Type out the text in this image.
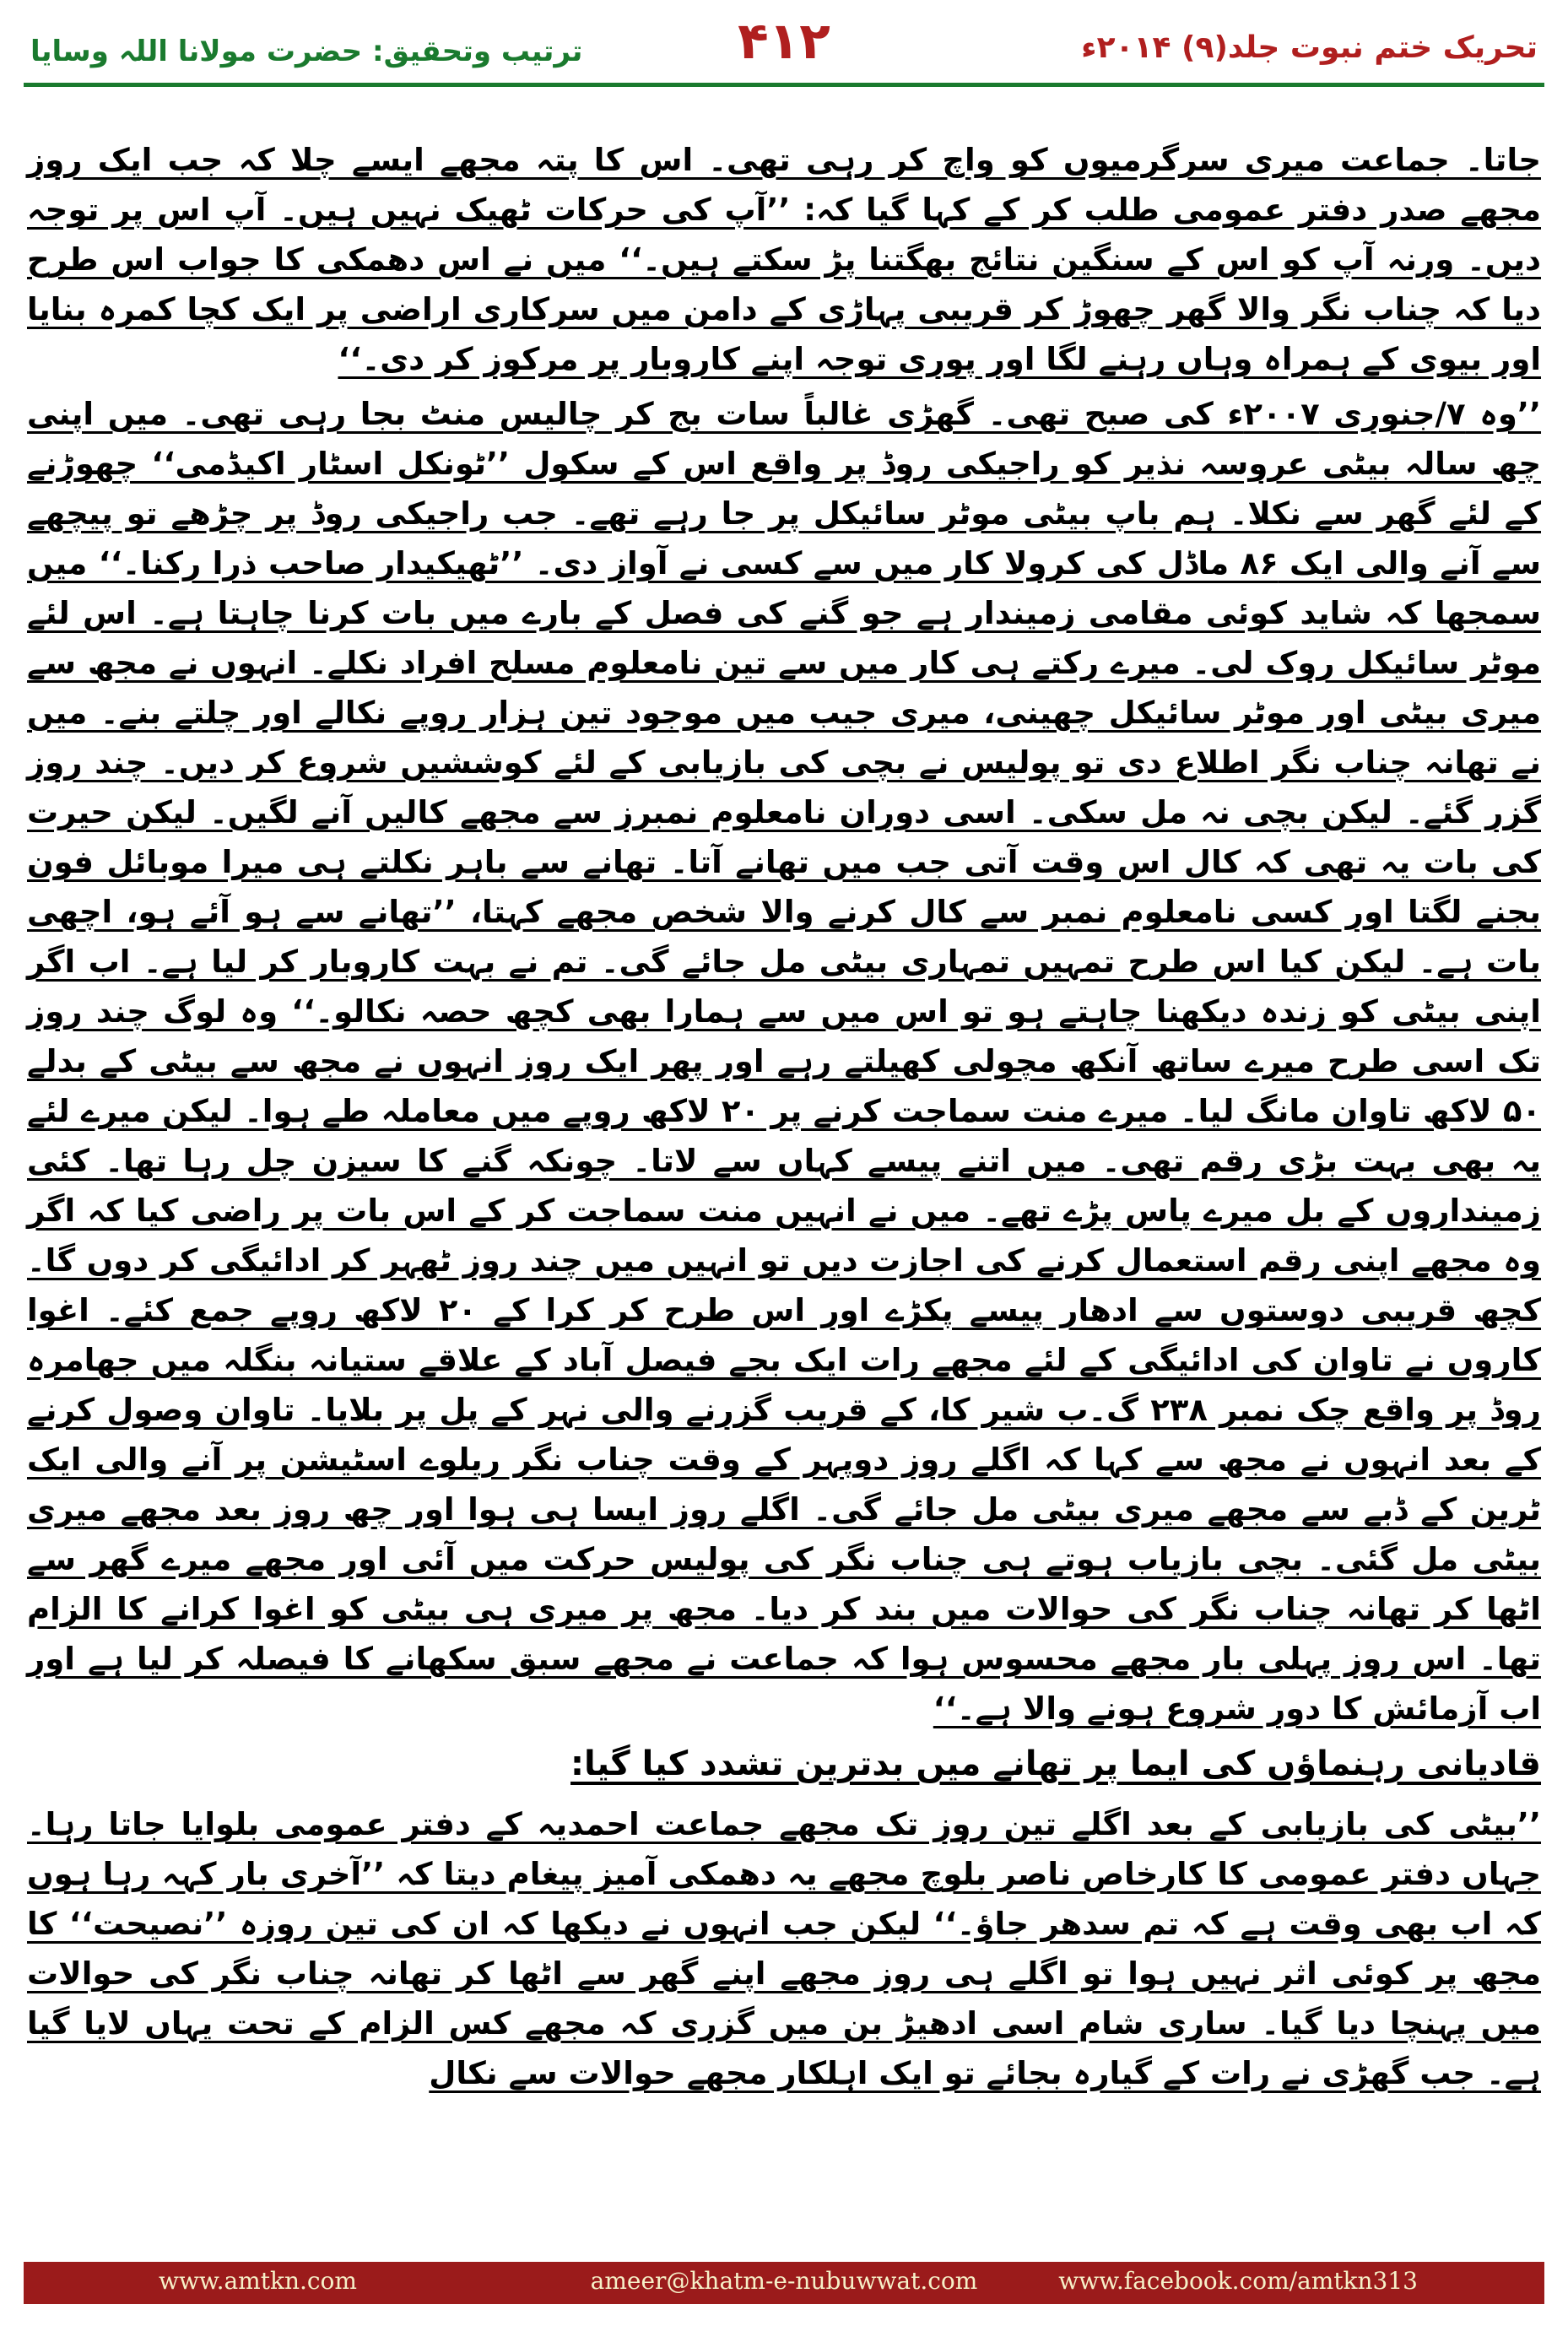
ترتیب وتحقیق: حضرت مولانا اللہ وسایا	۴۱۲	تحریک ختم نبوت جلد(۹) ۲۰۱۴ء

جاتا۔ جماعت میری سرگرمیوں کو واچ کر رہی تھی۔ اس کا پتہ مجھے ایسے چلا کہ جب ایک روز مجھے صدر دفتر عمومی طلب کر کے کہا گیا کہ: ’’آپ کی حرکات ٹھیک نہیں ہیں۔ آپ اس پر توجہ دیں۔ ورنہ آپ کو اس کے سنگین نتائج بھگتنا پڑ سکتے ہیں۔‘‘ میں نے اس دھمکی کا جواب اس طرح دیا کہ چناب نگر والا گھر چھوڑ کر قریبی پہاڑی کے دامن میں سرکاری اراضی پر ایک کچا کمرہ بنایا اور بیوی کے ہمراہ وہاں رہنے لگا اور پوری توجہ اپنے کاروبار پر مرکوز کر دی۔‘‘

’’وہ ۷/جنوری ۲۰۰۷ء کی صبح تھی۔ گھڑی غالباً سات بج کر چالیس منٹ بجا رہی تھی۔ میں اپنی چھ سالہ بیٹی عروسہ نذیر کو راجیکی روڈ پر واقع اس کے سکول ’’ٹونکل اسٹار اکیڈمی‘‘ چھوڑنے کے لئے گھر سے نکلا۔ ہم باپ بیٹی موٹر سائیکل پر جا رہے تھے۔ جب راجیکی روڈ پر چڑھے تو پیچھے سے آنے والی ایک ۸۶ ماڈل کی کرولا کار میں سے کسی نے آواز دی۔ ’’ٹھیکیدار صاحب ذرا رکنا۔‘‘ میں سمجھا کہ شاید کوئی مقامی زمیندار ہے جو گنے کی فصل کے بارے میں بات کرنا چاہتا ہے۔ اس لئے موٹر سائیکل روک لی۔ میرے رکتے ہی کار میں سے تین نامعلوم مسلح افراد نکلے۔ انہوں نے مجھ سے میری بیٹی اور موٹر سائیکل چھینی، میری جیب میں موجود تین ہزار روپے نکالے اور چلتے بنے۔ میں نے تھانہ چناب نگر اطلاع دی تو پولیس نے بچی کی بازیابی کے لئے کوششیں شروع کر دیں۔ چند روز گزر گئے۔ لیکن بچی نہ مل سکی۔ اسی دوران نامعلوم نمبرز سے مجھے کالیں آنے لگیں۔ لیکن حیرت کی بات یہ تھی کہ کال اس وقت آتی جب میں تھانے آتا۔ تھانے سے باہر نکلتے ہی میرا موبائل فون بجنے لگتا اور کسی نامعلوم نمبر سے کال کرنے والا شخص مجھے کہتا، ’’تھانے سے ہو آئے ہو، اچھی بات ہے۔ لیکن کیا اس طرح تمہیں تمہاری بیٹی مل جائے گی۔ تم نے بہت کاروبار کر لیا ہے۔ اب اگر اپنی بیٹی کو زندہ دیکھنا چاہتے ہو تو اس میں سے ہمارا بھی کچھ حصہ نکالو۔‘‘ وہ لوگ چند روز تک اسی طرح میرے ساتھ آنکھ مچولی کھیلتے رہے اور پھر ایک روز انہوں نے مجھ سے بیٹی کے بدلے ۵۰ لاکھ تاوان مانگ لیا۔ میرے منت سماجت کرنے پر ۲۰ لاکھ روپے میں معاملہ طے ہوا۔ لیکن میرے لئے یہ بھی بہت بڑی رقم تھی۔ میں اتنے پیسے کہاں سے لاتا۔ چونکہ گنے کا سیزن چل رہا تھا۔ کئی زمینداروں کے بل میرے پاس پڑے تھے۔ میں نے انہیں منت سماجت کر کے اس بات پر راضی کیا کہ اگر وہ مجھے اپنی رقم استعمال کرنے کی اجازت دیں تو انہیں میں چند روز ٹھہر کر ادائیگی کر دوں گا۔ کچھ قریبی دوستوں سے ادھار پیسے پکڑے اور اس طرح کر کرا کے ۲۰ لاکھ روپے جمع کئے۔ اغوا کاروں نے تاوان کی ادائیگی کے لئے مجھے رات ایک بجے فیصل آباد کے علاقے ستیانہ بنگلہ میں جھامرہ روڈ پر واقع چک نمبر ۲۳۸ گ۔ب شیر کا، کے قریب گزرنے والی نہر کے پل پر بلایا۔ تاوان وصول کرنے کے بعد انہوں نے مجھ سے کہا کہ اگلے روز دوپہر کے وقت چناب نگر ریلوے اسٹیشن پر آنے والی ایک ٹرین کے ڈبے سے مجھے میری بیٹی مل جائے گی۔ اگلے روز ایسا ہی ہوا اور چھ روز بعد مجھے میری بیٹی مل گئی۔ بچی بازیاب ہوتے ہی چناب نگر کی پولیس حرکت میں آئی اور مجھے میرے گھر سے اٹھا کر تھانہ چناب نگر کی حوالات میں بند کر دیا۔ مجھ پر میری ہی بیٹی کو اغوا کرانے کا الزام تھا۔ اس روز پہلی بار مجھے محسوس ہوا کہ جماعت نے مجھے سبق سکھانے کا فیصلہ کر لیا ہے اور اب آزمائش کا دور شروع ہونے والا ہے۔‘‘

قادیانی رہنماؤں کی ایما پر تھانے میں بدترین تشدد کیا گیا:

’’بیٹی کی بازیابی کے بعد اگلے تین روز تک مجھے جماعت احمدیہ کے دفتر عمومی بلوایا جاتا رہا۔ جہاں دفتر عمومی کا کارخاص ناصر بلوچ مجھے یہ دھمکی آمیز پیغام دیتا کہ ’’آخری بار کہہ رہا ہوں کہ اب بھی وقت ہے کہ تم سدھر جاؤ۔‘‘ لیکن جب انہوں نے دیکھا کہ ان کی تین روزہ ’’نصیحت‘‘ کا مجھ پر کوئی اثر نہیں ہوا تو اگلے ہی روز مجھے اپنے گھر سے اٹھا کر تھانہ چناب نگر کی حوالات میں پہنچا دیا گیا۔ ساری شام اسی ادھیڑ بن میں گزری کہ مجھے کس الزام کے تحت یہاں لایا گیا ہے۔ جب گھڑی نے رات کے گیارہ بجائے تو ایک اہلکار مجھے حوالات سے نکال

www.amtkn.com	ameer@khatm-e-nubuwwat.com	www.facebook.com/amtkn313
